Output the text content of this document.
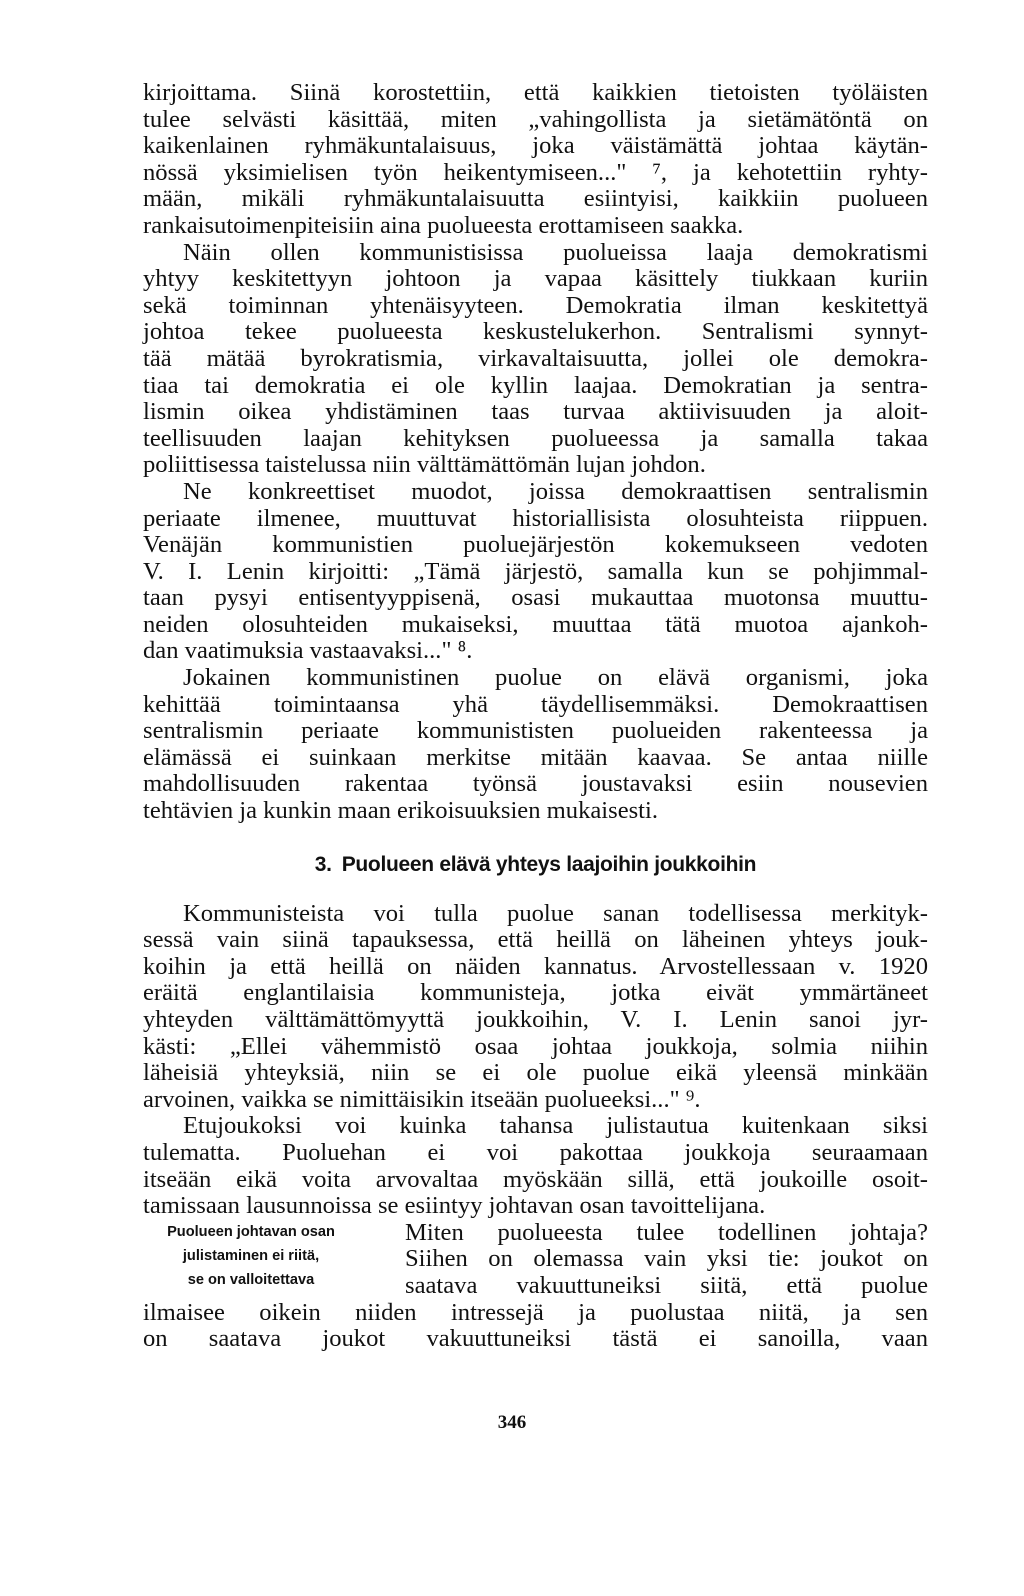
kirjoittama. Siinä korostettiin, että kaikkien tietoisten työläisten
tulee selvästi käsittää, miten „vahingollista ja sietämätöntä on
kaikenlainen ryhmäkuntalaisuus, joka väistämättä johtaa käytän-
nössä yksimielisen työn heikentymiseen..." ⁷, ja kehotettiin ryhty-
mään, mikäli ryhmäkuntalaisuutta esiintyisi, kaikkiin puolueen
rankaisutoimenpiteisiin aina puolueesta erottamiseen saakka.
Näin ollen kommunistisissa puolueissa laaja demokratismi
yhtyy keskitettyyn johtoon ja vapaa käsittely tiukkaan kuriin
sekä toiminnan yhtenäisyyteen. Demokratia ilman keskitettyä
johtoa tekee puolueesta keskustelukerhon. Sentralismi synnyt-
tää mätää byrokratismia, virkavaltaisuutta, jollei ole demokra-
tiaa tai demokratia ei ole kyllin laajaa. Demokratian ja sentra-
lismin oikea yhdistäminen taas turvaa aktiivisuuden ja aloit-
teellisuuden laajan kehityksen puolueessa ja samalla takaa
poliittisessa taistelussa niin välttämättömän lujan johdon.
Ne konkreettiset muodot, joissa demokraattisen sentralismin
periaate ilmenee, muuttuvat historiallisista olosuhteista riippuen.
Venäjän kommunistien puoluejärjestön kokemukseen vedoten
V. I. Lenin kirjoitti: „Tämä järjestö, samalla kun se pohjimmal-
taan pysyi entisentyyppisenä, osasi mukauttaa muotonsa muuttu-
neiden olosuhteiden mukaiseksi, muuttaa tätä muotoa ajankoh-
dan vaatimuksia vastaavaksi..." ⁸.
Jokainen kommunistinen puolue on elävä organismi, joka
kehittää toimintaansa yhä täydellisemmäksi. Demokraattisen
sentralismin periaate kommunististen puolueiden rakenteessa ja
elämässä ei suinkaan merkitse mitään kaavaa. Se antaa niille
mahdollisuuden rakentaa työnsä joustavaksi esiin nousevien
tehtävien ja kunkin maan erikoisuuksien mukaisesti.
3. Puolueen elävä yhteys laajoihin joukkoihin
Kommunisteista voi tulla puolue sanan todellisessa merkityk-
sessä vain siinä tapauksessa, että heillä on läheinen yhteys jouk-
koihin ja että heillä on näiden kannatus. Arvostellessaan v. 1920
eräitä englantilaisia kommunisteja, jotka eivät ymmärtäneet
yhteyden välttämättömyyttä joukkoihin, V. I. Lenin sanoi jyr-
kästi: „Ellei vähemmistö osaa johtaa joukkoja, solmia niihin
läheisiä yhteyksiä, niin se ei ole puolue eikä yleensä minkään
arvoinen, vaikka se nimittäisikin itseään puolueeksi..." ⁹.
Etujoukoksi voi kuinka tahansa julistautua kuitenkaan siksi
tulematta. Puoluehan ei voi pakottaa joukkoja seuraamaan
itseään eikä voita arvovaltaa myöskään sillä, että joukoille osoit-
tamissaan lausunnoissa se esiintyy johtavan osan tavoittelijana.
Puolueen johtavan osan
julistaminen ei riitä,
se on valloitettava
Miten puolueesta tulee todellinen johtaja?
Siihen on olemassa vain yksi tie: joukot on
saatava vakuuttuneiksi siitä, että puolue
ilmaisee oikein niiden intressejä ja puolustaa niitä, ja sen
on saatava joukot vakuuttuneiksi tästä ei sanoilla, vaan
346
